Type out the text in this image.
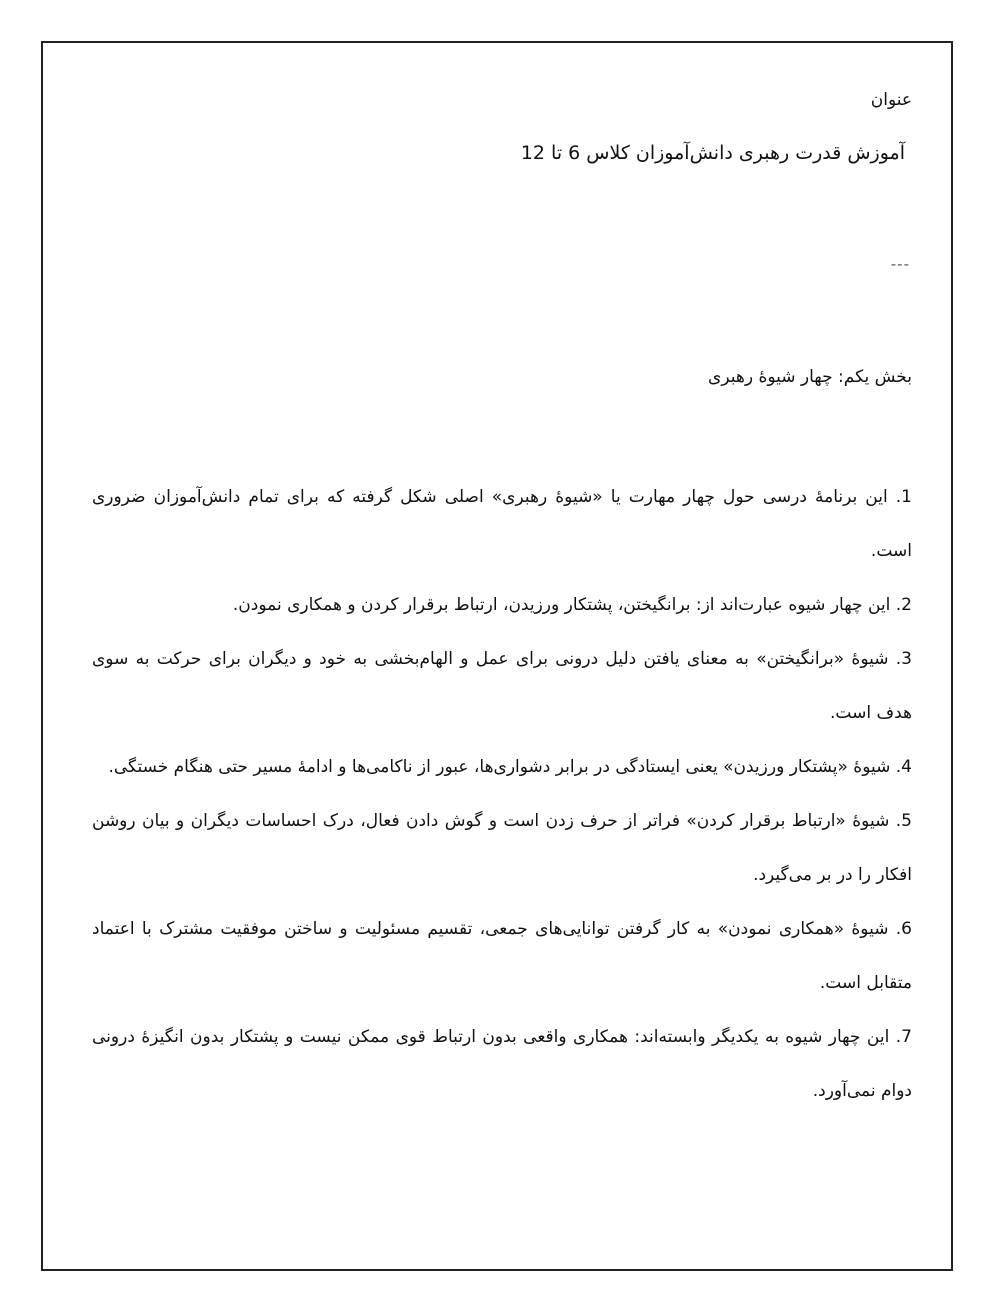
عنوان
آموزش قدرت رهبری دانش‌آموزان کلاس 6 تا 12
---
بخش یکم: چهار شیوهٔ رهبری
1. این برنامهٔ درسی حول چهار مهارت یا «شیوهٔ رهبری» اصلی شکل گرفته که برای تمام دانش‌آموزان ضروری است.
2. این چهار شیوه عبارت‌اند از: برانگیختن، پشتکار ورزیدن، ارتباط برقرار کردن و همکاری نمودن.
3. شیوهٔ «برانگیختن» به معنای یافتن دلیل درونی برای عمل و الهام‌بخشی به خود و دیگران برای حرکت به سوی هدف است.
4. شیوهٔ «پشتکار ورزیدن» یعنی ایستادگی در برابر دشواری‌ها، عبور از ناکامی‌ها و ادامهٔ مسیر حتی هنگام خستگی.
5. شیوهٔ «ارتباط برقرار کردن» فراتر از حرف زدن است و گوش دادن فعال، درک احساسات دیگران و بیان روشن افکار را در بر می‌گیرد.
6. شیوهٔ «همکاری نمودن» به کار گرفتن توانایی‌های جمعی، تقسیم مسئولیت و ساختن موفقیت مشترک با اعتماد متقابل است.
7. این چهار شیوه به یکدیگر وابسته‌اند: همکاری واقعی بدون ارتباط قوی ممکن نیست و پشتکار بدون انگیزهٔ درونی دوام نمی‌آورد.
